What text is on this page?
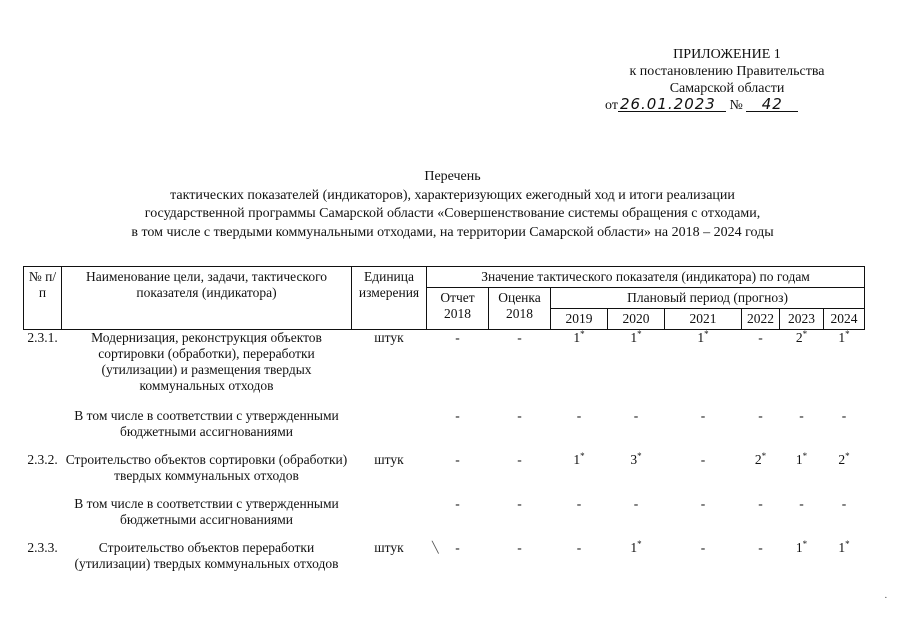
ПРИЛОЖЕНИЕ 1
к постановлению Правительства
Самарской области
от 26.01.2023 № 42
Перечень
тактических показателей (индикаторов), характеризующих ежегодный ход и итоги реализации
государственной программы Самарской области «Совершенствование системы обращения с отходами,
в том числе с твердыми коммунальными отходами, на территории Самарской области» на 2018 – 2024 годы
№ п/п	Наименование цели, задачи, тактического показателя (индикатора)	Единица измерения	Значение тактического показателя (индикатора) по годам							
			Отчет 2018	Оценка 2018	Плановый период (прогноз)					
					2019	2020	2021	2022	2023	2024
2.3.1.	Модернизация, реконструкция объектов сортировки (обработки), переработки (утилизации) и размещения твердых коммунальных отходов	штук	-	-	1*	1*	1*	-	2*	1*
	В том числе в соответствии с утвержденными бюджетными ассигнованиями		-	-	-	-	-	-	-	-
2.3.2.	Строительство объектов сортировки (обработки) твердых коммунальных отходов	штук	-	-	1*	3*	-	2*	1*	2*
	В том числе в соответствии с утвержденными бюджетными ассигнованиями		-	-	-	-	-	-	-	-
2.3.3.	Строительство объектов переработки (утилизации) твердых коммунальных отходов	штук	-	-	-	1*	-	-	1*	1*
╲
·
